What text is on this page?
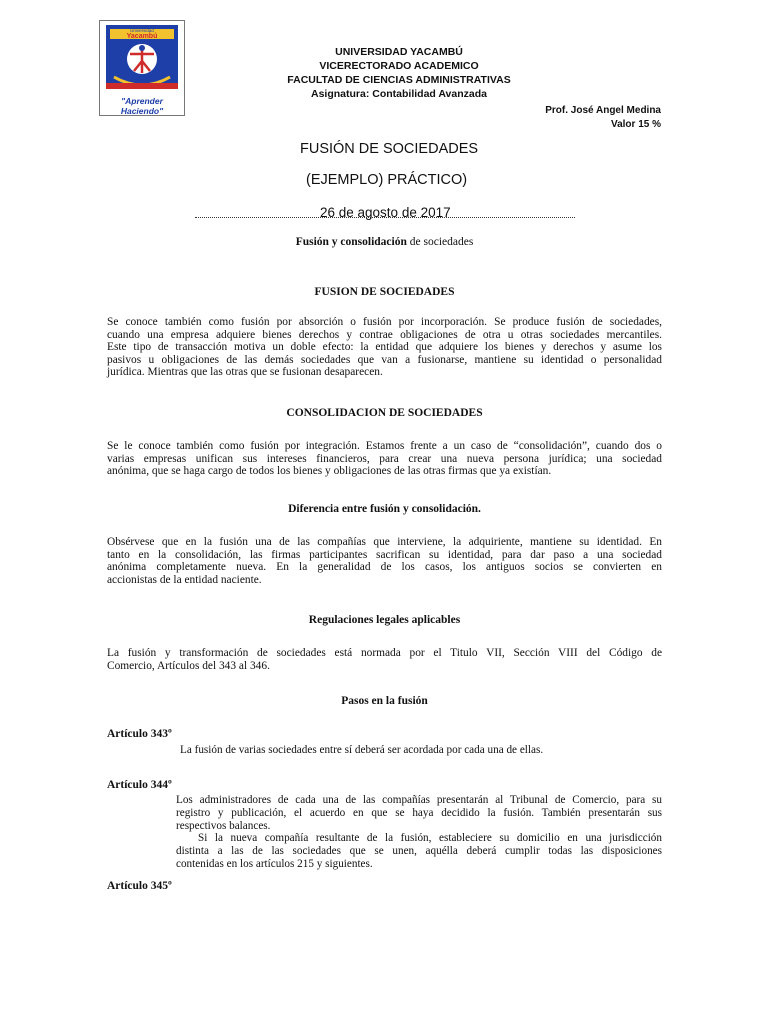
Universidad
Yacambú
"Aprender Haciendo"
UNIVERSIDAD YACAMBÚ
VICERECTORADO ACADEMICO
FACULTAD DE CIENCIAS ADMINISTRATIVAS
Asignatura: Contabilidad Avanzada
Prof. José Angel Medina
Valor 15 %
FUSIÓN DE SOCIEDADES
(EJEMPLO) PRÁCTICO)
26 de agosto de 2017
Fusión y consolidación de sociedades
FUSION DE SOCIEDADES
Se conoce también como fusión por absorción o fusión por incorporación. Se produce fusión de sociedades,
cuando una empresa adquiere bienes derechos y contrae obligaciones de otra u otras sociedades mercantiles.
Este tipo de transacción motiva un doble efecto: la entidad que adquiere los bienes y derechos y asume los
pasivos u obligaciones de las demás sociedades que van a fusionarse, mantiene su identidad o personalidad
jurídica. Mientras que las otras que se fusionan desaparecen.
CONSOLIDACION DE SOCIEDADES
Se le conoce también como fusión por integración. Estamos frente a un caso de “consolidación”, cuando dos o
varias empresas unifican sus intereses financieros, para crear una nueva persona jurídica; una sociedad
anónima, que se haga cargo de todos los bienes y obligaciones de las otras firmas que ya existían.
Diferencia entre fusión y consolidación.
Obsérvese que en la fusión una de las compañías que interviene, la adquiriente, mantiene su identidad. En
tanto en la consolidación, las firmas participantes sacrifican su identidad, para dar paso a una sociedad
anónima completamente nueva. En la generalidad de los casos, los antiguos socios se convierten en
accionistas de la entidad naciente.
Regulaciones legales aplicables
La fusión y transformación de sociedades está normada por el Titulo VII, Sección VIII del Código de
Comercio, Artículos del 343 al 346.
Pasos en la fusión
Artículo 343º
La fusión de varias sociedades entre sí deberá ser acordada por cada una de ellas.
Artículo 344º
Los administradores de cada una de las compañías presentarán al Tribunal de Comercio, para su
registro y publicación, el acuerdo en que se haya decidido la fusión. También presentarán sus
respectivos balances.
Si la nueva compañía resultante de la fusión, estableciere su domicilio en una jurisdicción
distinta a las de las sociedades que se unen, aquélla deberá cumplir todas las disposiciones
contenidas en los artículos 215 y siguientes.
Artículo 345º
